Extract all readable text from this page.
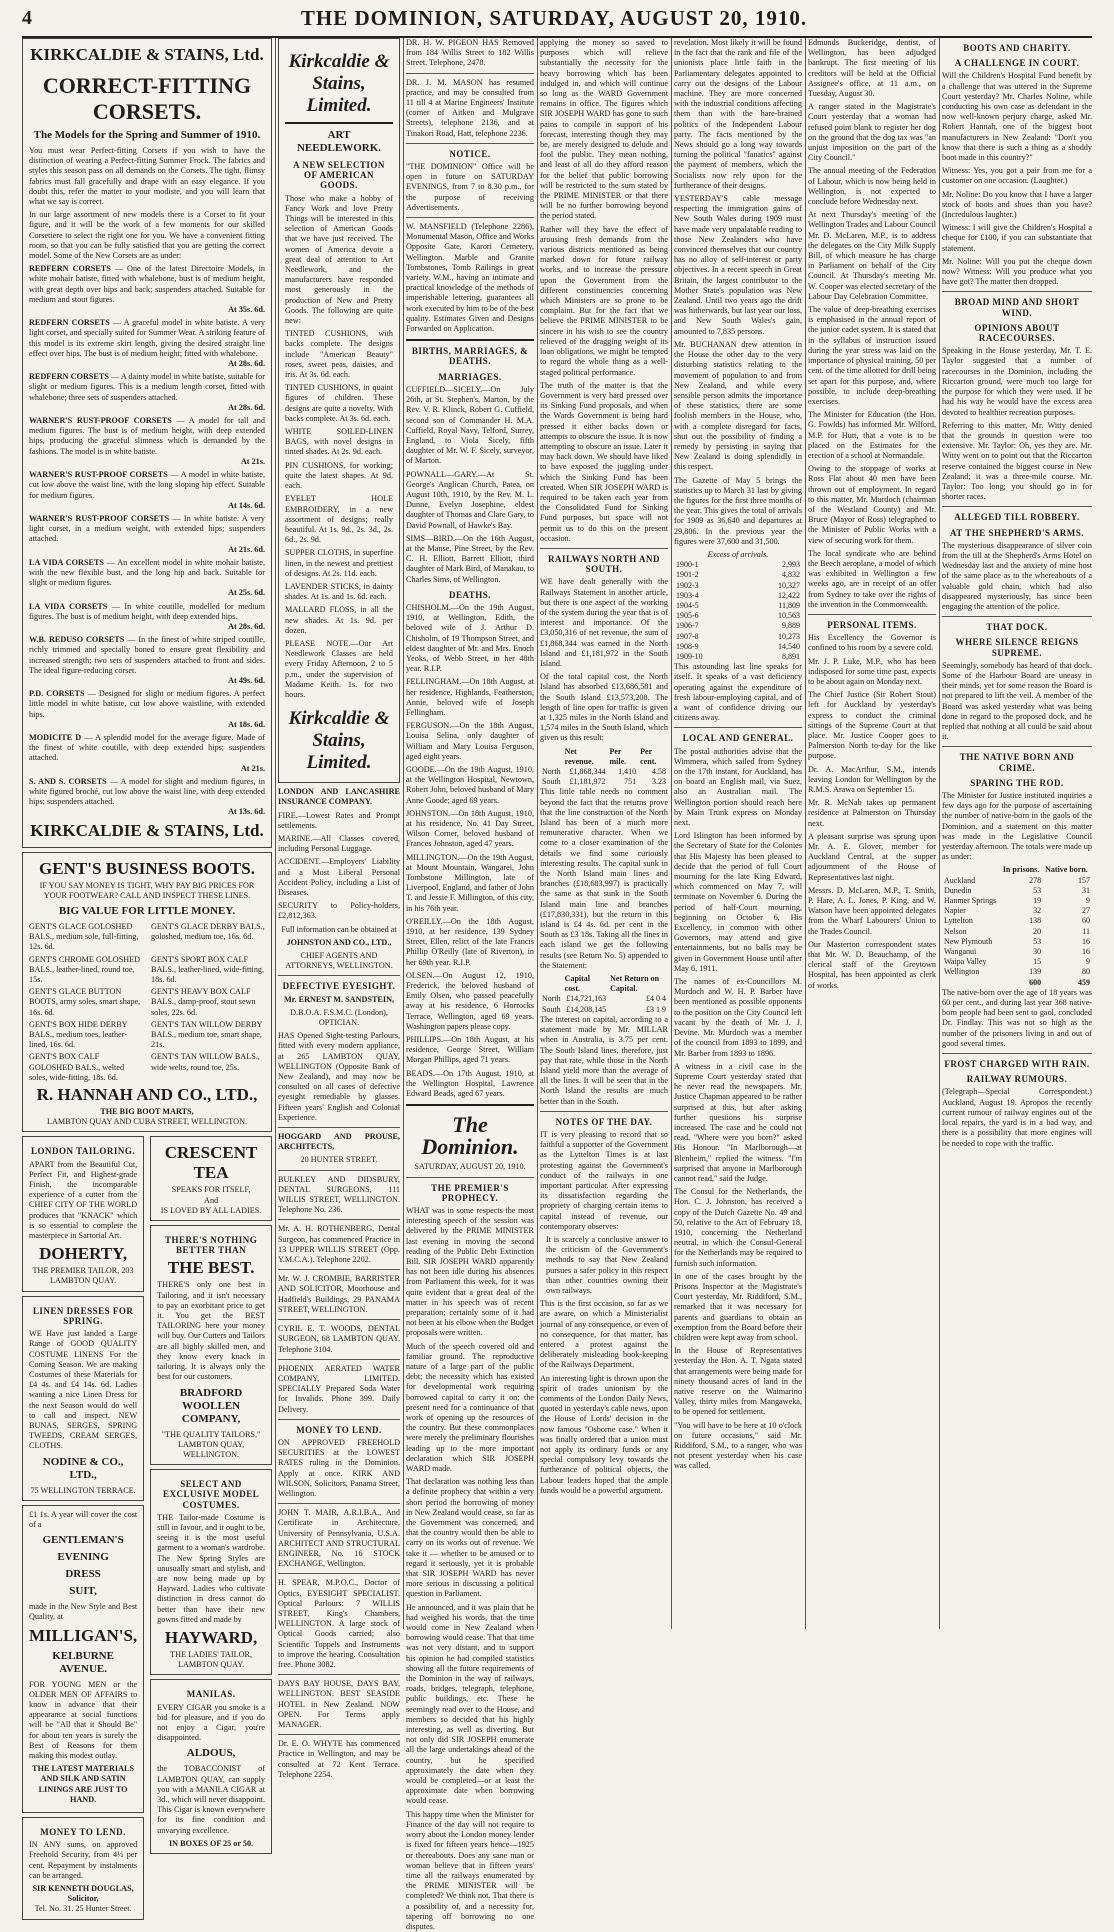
4	THE DOMINION, SATURDAY, AUGUST 20, 1910.
KIRKCALDIE & STAINS, Ltd.
CORRECT-FITTING CORSETS.
The Models for the Spring and Summer of 1910.
You must wear Perfect-fitting Corsets if you wish to have the distinction of wearing a Perfect-fitting Summer Frock. The fabrics and styles this season pass on all demands on the Corsets. The tight, flimsy fabrics must fall gracefully and drape with an easy elegance. If you doubt this, refer the matter to your modiste, and you will learn that what we say is correct.
In our large assortment of new models there is a Corset to fit your figure, and it will be the work of a few moments for our skilled Corsetiere to select the right one for you. We have a convenient fitting room, so that you can be fully satisfied that you are getting the correct model. Some of the New Corsets are as under:
REDFERN CORSETS — One of the latest Directoire Models, in white mohair batiste, fitted with whalebone, bust is of medium height, with great depth over hips and back; suspenders attached. Suitable for medium and stout figures.
At 35s. 6d.
REDFERN CORSETS — A graceful model in white batiste. A very light corset, and specially suited for Summer Wear. A striking feature of this model is its extreme skirt length, giving the desired straight line effect over hips. The bust is of medium height; fitted with whalebone.
At 28s. 6d.
REDFERN CORSETS — A dainty model in white batiste, suitable for slight or medium figures. This is a medium length corset, fitted with whalebone; three sets of suspenders attached.
At 28s. 6d.
WARNER'S RUST-PROOF CORSETS — A model for tall and medium figures. The bust is of medium height, with deep extended hips, producing the graceful slimness which is demanded by the fashions. The model is in white batiste.
At 21s.
WARNER'S RUST-PROOF CORSETS — A model in white batiste, cut low above the waist line, with the long sloping hip effect. Suitable for medium figures.
At 14s. 6d.
WARNER'S RUST-PROOF CORSETS — In white batiste. A very light corset, in a medium weight, with extended hips; suspenders attached.
At 21s. 6d.
LA VIDA CORSETS — An excellent model in white mohair batiste, with the new flexible bust, and the long hip and back. Suitable for slight or medium figures.
At 25s. 6d.
LA VIDA CORSETS — In white coutille, modelled for medium figures. The bust is of medium height, with deep extended hips.
At 28s. 6d.
W.B. REDUSO CORSETS — In the finest of white striped coutille, richly trimmed and specially boned to ensure great flexibility and increased strength; two sets of suspenders attached to front and sides. The ideal figure-reducing corset.
At 49s. 6d.
P.D. CORSETS — Designed for slight or medium figures. A perfect little model in white batiste, cut low above waistline, with extended hips.
At 18s. 6d.
MODICITE D — A splendid model for the average figure. Made of the finest of white coutille, with deep extended hips; suspenders attached.
At 21s.
S. AND S. CORSETS — A model for slight and medium figures, in white figured broché, cut low above the waist line, with deep extended hips; suspenders attached.
At 13s. 6d.
KIRKCALDIE & STAINS, Ltd.
GENT'S BUSINESS BOOTS.
IF YOU SAY MONEY IS TIGHT, WHY PAY BIG PRICES FOR YOUR FOOTWEAR? CALL AND INSPECT THESE LINES.
BIG VALUE FOR LITTLE MONEY.
GENT'S GLACE GOLOSHED BALS., medium sole, full-fitting, 12s. 6d.
GENT'S GLACE DERBY BALS., goloshed, medium toe, 16s. 6d.
GENT'S CHROME GOLOSHED BALS., leather-lined, round toe, 15s.
GENT'S SPORT BOX CALF BALS., leather-lined, wide-fitting, 18s. 6d.
GENT'S GLACE BUTTON BOOTS, army soles, smart shape, 16s. 6d.
GENT'S HEAVY BOX CALF BALS., damp-proof, stout sewn soles, 22s. 6d.
GENT'S BOX HIDE DERBY BALS., medium toes, leather-lined, 16s. 6d.
GENT'S TAN WILLOW DERBY BALS., medium toe, smart shape, 21s.
GENT'S BOX CALF GOLOSHED BALS., welted soles, wide-fitting, 18s. 6d.
GENT'S TAN WILLOW BALS., wide welts, round toe, 25s.
R. HANNAH AND CO., LTD.,
THE BIG BOOT MARTS,
LAMBTON QUAY AND CUBA STREET, WELLINGTON.
LONDON TAILORING.
APART from the Beautiful Cut, Perfect Fit, and Highest-grade Finish, the incomparable experience of a cutter from the CHIEF CITY OF THE WORLD produces that "KNACK" which is so essential to complete the masterpiece in Sartorial Art.
DOHERTY,
THE PREMIER TAILOR, 203 LAMBTON QUAY.
LINEN DRESSES FOR SPRING.
WE Have just landed a Large Range of GOOD QUALITY COSTUME LINENS For the Coming Season. We are making Costumes of these Materials for £4 4s. and £4 14s. 6d. Ladies wanting a nice Linen Dress for the next Season would do well to call and inspect. NEW BUNAS, SERGES, SPRING TWEEDS, CREAM SERGES, CLOTHS.
NODINE & CO., LTD.,
75 WELLINGTON TERRACE.
£1 1s. A year will cover the cost of a
GENTLEMAN'S
EVENING
DRESS
SUIT,
made in the New Style and Best Quality, at
MILLIGAN'S,
KELBURNE AVENUE.
FOR YOUNG MEN or the OLDER MEN OF AFFAIRS to know in advance that their appearance at social functions will be "All that it Should Be" for about ten years is surely the Best of Reasons for them making this modest outlay.
THE LATEST MATERIALS AND SILK AND SATIN LININGS ARE JUST TO HAND.
MONEY TO LEND.
IN ANY sums, on approved Freehold Security, from 4½ per cent. Repayment by instalments can be arranged.
SIR KENNETH DOUGLAS, Solicitor,
Tel. No. 31. 25 Hunter Street.
CRESCENT TEA
SPEAKS FOR ITSELF,
And
IS LOVED BY ALL LADIES.
THERE'S NOTHING BETTER THAN
THE BEST.
THERE'S only one best in Tailoring, and it isn't necessary to pay an exorbitant price to get it. You get the BEST TAILORING here your money will buy. Our Cutters and Tailors are all highly skilled men, and they know every knack in tailoring. It is always only the best for our customers.
BRADFORD WOOLLEN COMPANY,
"THE QUALITY TAILORS," LAMBTON QUAY, WELLINGTON.
SELECT AND EXCLUSIVE MODEL COSTUMES.
THE Tailor-made Costume is still in favour, and it ought to be, seeing it is the most useful garment to a woman's wardrobe. The New Spring Styles are unusually smart and stylish, and are now being made up by Hayward. Ladies who cultivate distinction in dress cannot do better than have their new gowns fitted and made by
HAYWARD,
THE LADIES' TAILOR, LAMBTON QUAY.
MANILAS.
EVERY CIGAR you smoke is a bid for pleasure, and if you do not enjoy a Cigar, you're disappointed.
ALDOUS,
the TOBACCONIST of LAMBTON QUAY, can supply you with a MANILA CIGAR at 3d., which will never disappoint. This Cigar is known everywhere for its fine condition and unvarying excellence.
IN BOXES OF 25 or 50.
Kirkcaldie & Stains, Limited.
ART NEEDLEWORK.
A NEW SELECTION OF AMERICAN GOODS.
Those who make a hobby of Fancy Work and love Pretty Things will be interested in this selection of American Goods that we have just received. The women of America devote a great deal of attention to Art Needlework, and the manufacturers have responded most generously in the production of New and Pretty Goods. The following are quite new:
TINTED CUSHIONS, with backs complete. The designs include "American Beauty" roses, sweet peas, daisies, and iris. At 3s. 6d. each.
TINTED CUSHIONS, in quaint figures of children. These designs are quite a novelty. With backs complete. At 3s. 6d. each.
WHITE SOILED-LINEN BAGS, with novel designs in tinted shades. At 2s. 9d. each.
PIN CUSHIONS, for working; quite the latest shapes. At 9d. each.
EYELET HOLE EMBROIDERY, in a new assortment of designs; really beautiful. At 1s. 9d., 2s. 3d., 2s. 6d., 2s. 9d.
SUPPER CLOTHS, in superfine linen, in the newest and prettiest of designs. At 2s. 11d. each.
LAVENDER STICKS, in dainty shades. At 1s. and 1s. 6d. each.
MALLARD FLOSS, in all the new shades. At 1s. 9d. per dozen.
PLEASE NOTE.—Our Art Needlework Classes are held every Friday Afternoon, 2 to 5 p.m., under the supervision of Madame Keith. 1s. for two hours.
Kirkcaldie & Stains, Limited.
LONDON AND LANCASHIRE INSURANCE COMPANY.
FIRE.—Lowest Rates and Prompt settlements.
MARINE.—All Classes covered, including Personal Luggage.
ACCIDENT.—Employers' Liability and a Most Liberal Personal Accident Policy, including a List of Diseases.
SECURITY to Policy-holders, £2,812,363.
Full information can be obtained at
JOHNSTON AND CO., LTD.,
CHIEF AGENTS AND ATTORNEYS, WELLINGTON.
DEFECTIVE EYESIGHT.
Mr. ERNEST M. SANDSTEIN,
D.B.O.A. F.S.M.C. (London), OPTICIAN.
HAS Opened Sight-testing Parlours, fitted with every modern appliance, at 265 LAMBTON QUAY, WELLINGTON (Opposite Bank of New Zealand), and may now be consulted on all cases of defective eyesight remediable by glasses. Fifteen years' English and Colonial Experience.
HOGGARD AND PROUSE, ARCHITECTS,
20 HUNTER STREET.
BULKLEY AND DIDSBURY, DENTAL SURGEONS, 111 WILLIS STREET, WELLINGTON. Telephone No. 236.
Mr. A. H. ROTHENBERG, Dental Surgeon, has commenced Practice in 13 UPPER WILLIS STREET (Opp. Y.M.C.A.). Telephone 2202.
Mr. W. J. CROMBIE, BARRISTER AND SOLICITOR, Moorhouse and Hadfield's Buildings, 29 PANAMA STREET, WELLINGTON.
CYRIL E. T. WOODS, DENTAL SURGEON, 68 LAMBTON QUAY. Telephone 3104.
PHOENIX AERATED WATER COMPANY, LIMITED. SPECIALLY Prepared Soda Water for Invalids. Phone 399. Daily Delivery.
MONEY TO LEND.
ON APPROVED FREEHOLD SECURITIES at the LOWEST RATES ruling in the Dominion. Apply at once. KIRK AND WILSON, Solicitors, Panama Street, Wellington.
JOHN T. MAIR, A.R.I.B.A., And Certificate in Architecture, University of Pennsylvania, U.S.A. ARCHITECT AND STRUCTURAL ENGINEER, No. 16 STOCK EXCHANGE, Wellington.
H. SPEAR, M.P.O.C., Doctor of Optics, EYESIGHT SPECIALIST. Optical Parlours: 7 WILLIS STREET, King's Chambers, WELLINGTON. A large stock of Optical Goods carried; also Scientific Toppels and Instruments to improve the hearing. Consultation free. Phone 3082.
DAYS BAY HOUSE, DAYS BAY, WELLINGTON. BEST SEASIDE HOTEL in New Zealand. NOW OPEN. For Terms apply MANAGER.
Dr. E. O. WHYTE has commenced Practice in Wellington, and may be consulted at 72 Kent Terrace. Telephone 2254.
DR. H. W. PIGEON HAS Removed from 184 Willis Street to 182 Willis Street. Telephone, 2478.
DR. J. M. MASON has resumed practice, and may be consulted from 11 till 4 at Marine Engineers' Institute (corner of Aitken and Mulgrave Streets), telephone 2136, and at Tinakori Road, Hatt, telephone 2236.
NOTICE.
"THE DOMINION" Office will be open in future on SATURDAY EVENINGS, from 7 to 8.30 p.m., for the purpose of receiving Advertisements.
W. MANSFIELD (Telephone 2286), Monumental Mason, Office and Works Opposite Gate, Karori Cemetery, Wellington. Marble and Granite Tombstones, Tomb Railings in great variety. W.M., having an intimate and practical knowledge of the methods of imperishable lettering, guarantees all work executed by him to be of the best quality. Estimates Given and Designs Forwarded on Application.
BIRTHS, MARRIAGES, & DEATHS.
MARRIAGES.
CUFFIELD—SICELY.—On July 26th, at St. Stephen's, Marton, by the Rev. V. R. Klinck, Robert G. Cuffield, second son of Commander H. M.A. Cuffield, Royal Navy, Telford, Surrey, England, to Viola Sicely, fifth daughter of Mr. W. F. Sicely, surveyor, of Marton.
POWNALL—GARY.—At St. George's Anglican Church, Patea, on August 10th, 1910, by the Rev. M. L. Dunne, Evelyn Josephine, eldest daughter of Thomas and Clare Gary, to David Pownall, of Hawke's Bay.
SIMS—BIRD.—On the 16th August, at the Manse, Pine Street, by the Rev. C. H. Elliott, Barrett Elliott, third daughter of Mark Bird, of Manakau, to Charles Sims, of Wellington.
DEATHS.
CHISHOLM.—On the 19th August, 1910, at Wellington, Edith, the beloved wife of J. Arthur D. Chisholm, of 19 Thompson Street, and eldest daughter of Mr. and Mrs. Enoch Yeoks, of Webb Street, in her 48th year. R.I.P.
FELLINGHAM.—On 18th August, at her residence, Highlands, Featherston, Annie, beloved wife of Joseph Fellingham.
FERGUSON.—On the 18th August, Louisa Selina, only daughter of William and Mary Louisa Ferguson, aged eight years.
GOODE.—On the 19th August, 1910, at the Wellington Hospital, Newtown, Robert John, beloved husband of Mary Anne Goode; aged 69 years.
JOHNSTON.—On 18th August, 1910, at his residence, No. 41 Day Street, Wilson Corner, beloved husband of Frances Johnston, aged 47 years.
MILLINGTON.—On the 19th August, at Mount Mountain, Wangarei, John Tombstone Millington, late of Liverpool, England, and father of John T. and Jessie F. Millington, of this city, in his 76th year.
O'REILLY.—On the 18th August, 1910, at her residence, 139 Sydney Street, Ellen, relict of the late Francis Phillip O'Reilly (late of Riverton), in her 69th year. R.I.P.
OLSEN.—On August 12, 1910, Frederick, the beloved husband of Emily Olsen, who passed peacefully away at his residence, 6 Horrocks Terrace, Wellington, aged 69 years. Washington papers please copy.
PHILLIPS.—On 18th August, at his residence, George Street, William Morgan Phillips, aged 71 years.
BEADS.—On 17th August, 1910, at the Wellington Hospital, Lawrence Edward Beads, aged 67 years.
The Dominion.
SATURDAY, AUGUST 20, 1910.
THE PREMIER'S PROPHECY.
WHAT was in some respects the most interesting speech of the session was delivered by the PRIME MINISTER last evening in moving the second reading of the Public Debt Extinction Bill. SIR JOSEPH WARD apparently has not been idle during his absences from Parliament this week, for it was quite evident that a great deal of the matter in his speech was of recent preparation; certainly some of it had not been at his elbow when the Budget proposals were written.
Much of the speech covered old and familiar ground. The reproductive nature of a large part of the public debt; the necessity which has existed for developmental work requiring borrowed capital to carry it on; the present need for a continuance of that work of opening up the resources of the country. But these commonplaces were merely the preliminary flourishes leading up to the more important declaration which SIR JOSEPH WARD made.
That declaration was nothing less than a definite prophecy that within a very short period the borrowing of money in New Zealand would cease, so far as the Government was concerned, and that the country would then be able to carry on its works out of revenue. We take it — whether to be amused or to regard it seriously, yet it is probable that SIR JOSEPH WARD has never more serious in discussing a political question in Parliament.
He announced, and it was plain that he had weighed his words, that the time would come in New Zealand when borrowing would cease. That that time was not very distant, and to support his opinion he had compiled statistics showing all the future requirements of the Dominion in the way of railways, roads, bridges, telegraph, telephone, public buildings, etc. These he seemingly read over to the House, and members so decided that his highly interesting, as well as diverting. But not only did SIR JOSEPH enumerate all the large undertakings ahead of the country, but he specified approximately the date when they would be completed—or at least the approximate date when borrowing would cease.
This happy time when the Minister for Finance of the day will not require to worry about the London money lender is fixed for fifteen years hence—1925 or thereabouts. Does any sane man or woman believe that in fifteen years' time all the railways enumerated by the PRIME MINISTER will be completed? We think not. That there is a possibility of, and a necessity for, tapering off borrowing no one disputes.
applying the money so saved to purposes which will relieve substantially the necessity for the heavy borrowing which has been indulged in, and which will continue so long as the WARD Government remains in office. The figures which SIR JOSEPH WARD has gone to such pains to compile in support of his forecast, interesting though they may be, are merely designed to delude and fool the public. They mean nothing, and least of all do they afford reason for the belief that public borrowing will be restricted to the sum stated by the PRIME MINISTER or that there will be no further borrowing beyond the period stated.
Rather will they have the effect of arousing fresh demands from the various districts mentioned as being marked down for future railway works, and to increase the pressure upon the Government from the different constituencies concerning which Ministers are so prone to be complaint. But for the fact that we believe the PRIME MINISTER to be sincere in his wish to see the country relieved of the dragging weight of its loan obligations, we might be tempted to regard the whole thing as a well-staged political performance.
The truth of the matter is that the Government is very hard pressed over its Sinking Fund proposals, and when the Wards Government is being hard pressed it either backs down or attempts to obscure the issue. It is now attempting to obscure an issue. Later it may back down. We should have liked to have exposed the juggling under which the Sinking Fund has been created. When SIR JOSEPH WARD is required to be taken each year from the Consolidated Fund for Sinking Fund purposes, but space will not permit us to do this on the present occasion.
RAILWAYS NORTH AND SOUTH.
WE have dealt generally with the Railways Statement in another article, but there is one aspect of the working of the system during the year that is of interest and importance. Of the £3,050,316 of net revenue, the sum of £1,868,344 was earned in the North Island and £1,181,972 in the South Island.
Of the total capital cost, the North Island has absorbed £13,686,581 and the South Island £13,573,208. The length of line open for traffic is given at 1,325 miles in the North Island and 1,574 miles in the South Island, which given us this result:
	Net revenue.	Per mile.	Per cent.
North	£1,868,344	1,410	4.58
South	£1,181,972	751	3.23
This little table needs no comment beyond the fact that the returns prove that the line construction of the North Island has been of a much more remunerative character. When we come to a closer examination of the details we find some curiously interesting results. The capital sunk in the North Island main lines and branches (£18,683,997) is practically the same as that sunk in the South Island main line and branches (£17,830,331), but the return in this island is £4 4s. 6d. per cent in the South as £3 18s. Taking all the lines in each island we get the following results (see Return No. 5) appended to the Statement:
	Capital cost.	Net Return on Capital.
North	£14,721,163	£4 0 4
South	£14,208,145	£3 1 9
The interest on capital, according to a statement made by Mr. MILLAR when in Australia, is 3.75 per cent. The South Island lines, therefore, just pay that rate, while those in the North Island yield more than the average of all the lines. It will be seen that in the North Island the results are much better than in the South.
NOTES OF THE DAY.
IT is very pleasing to record that so faithful a supporter of the Government as the Lyttelton Times is at last protesting against the Government's conduct of the railways in one important particular. After expressing its dissatisfaction regarding the propriety of charging certain items to capital instead of revenue, our contemporary observes:
It is scarcely a conclusive answer to the criticism of the Government's methods to say that New Zealand pursues a safer policy in this respect than other countries owning their own railways.
This is the first occasion, so far as we are aware, on which a Ministerialist journal of any consequence, or even of no consequence, for that matter, has entered a protest against the deliberately misleading book-keeping of the Railways Department.
An interesting light is thrown upon the spirit of trades unionism by the comments of the London Daily News, quoted in yesterday's cable news, upon the House of Lords' decision in the now famous "Osborne case." When it was finally ordered that a union must not apply its ordinary funds or any special compulsory levy towards the furtherance of political objects, the Labour leaders hoped that the ample funds would be a powerful argument.
revelation. Most likely it will be found in the fact that the rank and file of the unionists place little faith in the Parliamentary delegates appointed to carry out the designs of the Labour machine. They are more concerned with the industrial conditions affecting them than with the hare-brained politics of the Independent Labour party. The facts mentioned by the News should go a long way towards turning the political "fanatics" against the payment of members, which the Socialists now rely upon for the furtherance of their designs.
YESTERDAY'S cable message respecting the immigration gains of New South Wales during 1909 must have made very unpalatable reading to those New Zealanders who have convinced themselves that our country has no alloy of self-interest or party objectives. In a recent speech in Great Britain, the largest contributor to the Mother State's population was New Zealand. Until two years ago the drift was hitherwards, but last year our loss, and New South Wales's gain, amounted to 7,835 persons.
Mr. BUCHANAN drew attention in the House the other day to the very disturbing statistics relating to the movement of population to and from New Zealand, and while every sensible person admits the importance of these statistics, there are some foolish members in the House, who, with a complete disregard for facts, shut out the possibility of finding a remedy by persisting in saying that New Zealand is doing splendidly in this respect.
The Gazette of May 5 brings the statistics up to March 31 last by giving the figures for the first three months of the year. This gives the total of arrivals for 1909 as 36,640 and departures at 29,806. In the previous year the figures were 37,600 and 31,500.
Excess of arrivals.
1900-1	2,993
1901-2	4,832
1902-3	10,327
1903-4	12,422
1904-5	11,809
1905-6	10,563
1906-7	9,889
1907-8	10,273
1908-9	14,540
1909-10	8,891
This astounding last line speaks for itself. It speaks of a vast deficiency operating against the expenditure of fresh labour-employing capital, and of a want of confidence driving our citizens away.
LOCAL AND GENERAL.
The postal authorities advise that the Wimmera, which sailed from Sydney on the 17th instant, for Auckland, has on board an English mail, via Suez, also an Australian mail. The Wellington portion should reach here by Main Trunk express on Monday next.
Lord Islington has been informed by the Secretary of State for the Colonies that His Majesty has been pleased to decide that the period of full Court mourning for the late King Edward, which commenced on May 7, will terminate on November 6. During the period of half-Court mourning, beginning on October 6, His Excellency, in common with other Governors, may attend and give entertainments, but no balls may be given in Government House until after May 6, 1911.
The names of ex-Councillors M. Murdoch and W. H. P. Barber have been mentioned as possible opponents to the position on the City Council left vacant by the death of Mr. J. J. Devine. Mr. Murdoch was a member of the council from 1893 to 1899, and Mr. Barber from 1893 to 1896.
A witness in a civil case in the Supreme Court yesterday stated that he never read the newspapers. Mr. Justice Chapman appeared to be rather surprised at this, but after asking further questions his surprise increased. The case and he could not read. "Where were you born?" asked His Honour. "In Marlborough—at Blenheim," replied the witness. "I'm surprised that anyone in Marlborough cannot read," said the Judge.
The Consul for the Netherlands, the Hon. C. J. Johnston, has received a copy of the Dutch Gazette No. 49 and 50, relative to the Act of February 18, 1910, concerning the Netherland neutral, in which the Consul-General for the Netherlands may be required to furnish such information.
In one of the cases brought by the Prisons Inspector at the Magistrate's Court yesterday, Mr. Riddiford, S.M., remarked that it was necessary for parents and guardians to obtain an exemption from the Board before their children were kept away from school.
In the House of Representatives yesterday the Hon. A. T. Ngata stated that arrangements were being made for ninety thousand acres of land in the native reserve on the Waimarino Valley, thirty miles from Mangaweka, to be opened for settlement.
"You will have to be here at 10 o'clock on future occasions," said Mr. Riddiford, S.M., to a ranger, who was not present yesterday when his case was called.
Edmunds Buckeridge, dentist, of Wellington, has been adjudged bankrupt. The first meeting of his creditors will be held at the Official Assignee's office, at 11 a.m., on Tuesday, August 30.
A ranger stated in the Magistrate's Court yesterday that a woman had refused point blank to register her dog on the ground that the dog tax was "an unjust imposition on the part of the City Council."
The annual meeting of the Federation of Labour, which is now being held in Wellington, is not expected to conclude before Wednesday next.
At next Thursday's meeting of the Wellington Trades and Labour Council Mr. D. McLaren, M.P., is to address the delegates on the City Milk Supply Bill, of which measure he has charge in Parliament on behalf of the City Council. At Thursday's meeting Mr. W. Cooper was elected secretary of the Labour Day Celebration Committee.
The value of deep-breathing exercises is emphasised in the annual report of the junior cadet system. It is stated that in the syllabus of instruction issued during the year stress was laid on the importance of physical training, 50 per cent. of the time allotted for drill being set apart for this purpose, and, where possible, to include deep-breathing exercises.
The Minister for Education (the Hon. G. Fowlds) has informed Mr. Wilford, M.P. for Hutt, that a vote is to be placed on the Estimates for the erection of a school at Normandale.
Owing to the stoppage of works at Ross Flat about 40 men have been thrown out of employment. In regard to this matter, Mr. Murdoch (chairman of the Westland County) and Mr. Bruce (Mayor of Ross) telegraphed to the Minister of Public Works with a view of securing work for them.
The local syndicate who are behind the Beech aeroplane, a model of which was exhibited in Wellington a few weeks ago, are in receipt of an offer from Sydney to take over the rights of the invention in the Commonwealth.
PERSONAL ITEMS.
His Excellency the Governor is confined to his room by a severe cold.
Mr. J. P. Luke, M.P., who has been indisposed for some time past, expects to be about again on Monday next.
The Chief Justice (Sir Robert Stout) left for Auckland by yesterday's express to conduct the criminal sittings of the Supreme Court at that place. Mr. Justice Cooper goes to Palmerston North to-day for the like purpose.
Dr. A. MacArthur, S.M., intends leaving London for Wellington by the R.M.S. Arawa on September 15.
Mr. R. McNab takes up permanent residence at Palmerston on Thursday next.
A pleasant surprise was sprung upon Mr. A. E. Glover, member for Auckland Central, at the supper adjournment of the House of Representatives last night.
Messrs. D. McLaren, M.P., T. Smith, P. Hare, A. L. Jones, P. King, and W. Watson have been appointed delegates from the Wharf Labourers' Union to the Trades Council.
Our Masterton correspondent states that Mr. W. D. Beauchamp, of the clerical staff of the Greytown Hospital, has been appointed as clerk of works.
BOOTS AND CHARITY.
A CHALLENGE IN COURT.
Will the Children's Hospital Fund benefit by a challenge that was uttered in the Supreme Court yesterday? Mr. Charles Noline, while conducting his own case as defendant in the now well-known perjury charge, asked Mr. Robert Hannah, one of the biggest boot manufacturers in New Zealand: "Don't you know that there is such a thing as a shoddy boot made in this country?"
Witness: Yes, you got a pair from me for a customer on one occasion. (Laughter.)
Mr. Noline: Do you know that I have a larger stock of boots and shoes than you have? (Incredulous laughter.)
Witness: I will give the Children's Hospital a cheque for £100, if you can substantiate that statement.
Mr. Noline: Will you put the cheque down now? Witness: Will you produce what you have got? The matter then dropped.
BROAD MIND AND SHORT WIND.
OPINIONS ABOUT RACECOURSES.
Speaking in the House yesterday, Mr. T. E. Taylor suggested that a number of racecourses in the Dominion, including the Riccarton ground, were much too large for the purpose for which they were used. If he had his way he would have the excess area devoted to healthier recreation purposes.
Referring to this matter, Mr. Witty denied that the grounds in question were too extensive. Mr. Taylor: Oh, yes they are. Mr. Witty went on to point out that the Riccarton reserve contained the biggest course in New Zealand; it was a three-mile course. Mr. Taylor: Too long; you should go in for shorter races.
ALLEGED TILL ROBBERY.
AT THE SHEPHERD'S ARMS.
The mysterious disappearance of silver coin from the till at the Shepherd's Arms Hotel on Wednesday last and the anxiety of mine host of the same place as to the whereabouts of a valuable gold chain, which had also disappeared mysteriously, has since been engaging the attention of the police.
THAT DOCK.
WHERE SILENCE REIGNS SUPREME.
Seemingly, somebody has heard of that dock. Some of the Harbour Board are uneasy in their minds, yet for some reason the Board is not prepared to lift the veil. A member of the Board was asked yesterday what was being done in regard to the proposed dock, and he replied that nothing at all could be said about it.
THE NATIVE BORN AND CRIME.
SPARING THE ROD.
The Minister for Justice instituted inquiries a few days ago for the purpose of ascertaining the number of native-born in the gaols of the Dominion, and a statement on this matter was made in the Legislative Council yesterday afternoon. The totals were made up as under:
	In prisons.	Native born.
Auckland	278	157
Dunedin	53	31
Hanmer Springs	19	9
Napier	32	27
Lyttelton	138	60
Nelson	20	11
New Plymouth	53	16
Wanganui	30	16
Waipa Valley	15	9
Wellington	139	80
	600	459
The native-born over the age of 18 years was 60 per cent., and during last year 368 native-born people had been sent to gaol, concluded Dr. Findlay. This was not so high as the number of the prisoners living in and out of good several times.
FROST CHARGED WITH RAIN.
RAILWAY RUMOURS.
(Telegraph—Special Correspondent.) Auckland, August 19. Apropos the recently current rumour of railway engines out of the local repairs, the yard is in a bad way, and there is a possibility that more engines will be needed to cope with the traffic.
